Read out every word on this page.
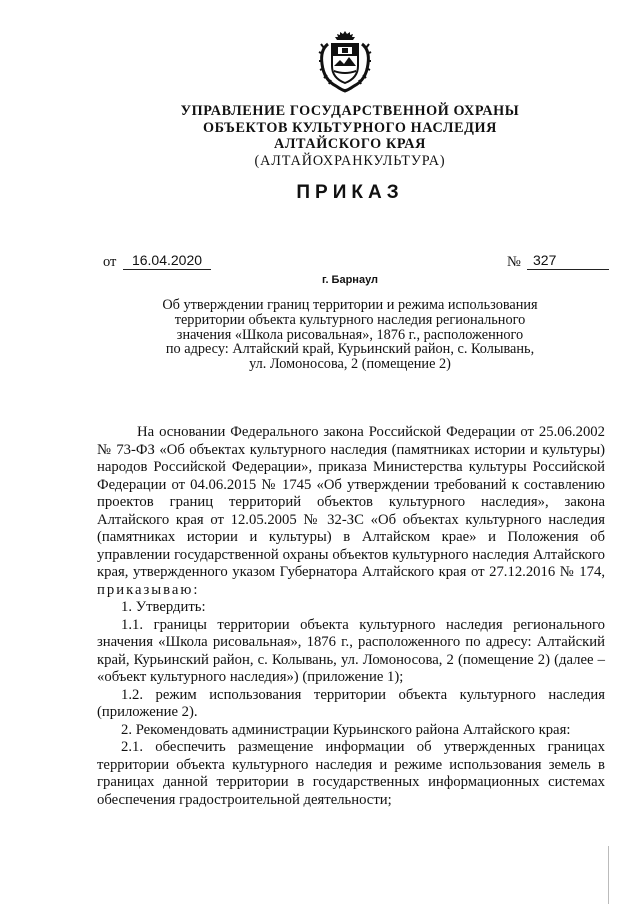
УПРАВЛЕНИЕ ГОСУДАРСТВЕННОЙ ОХРАНЫ
ОБЪЕКТОВ КУЛЬТУРНОГО НАСЛЕДИЯ
АЛТАЙСКОГО КРАЯ
(АЛТАЙОХРАНКУЛЬТУРА)
ПРИКАЗ
от	16.04.2020	№ 327
г. Барнаул
Об утверждении границ территории и режима использования
территории объекта культурного наследия регионального
значения «Школа рисовальная», 1876 г., расположенного
по адресу: Алтайский край, Курьинский район, с. Колывань,
ул. Ломоносова, 2 (помещение 2)

На основании Федерального закона Российской Федерации от 25.06.2002 № 73-ФЗ «Об объектах культурного наследия (памятниках истории и культуры) народов Российской Федерации», приказа Министерства культуры Российской Федерации от 04.06.2015 № 1745 «Об утверждении требований к составлению проектов границ территорий объектов культурного наследия», закона Алтайского края от 12.05.2005 № 32-ЗС «Об объектах культурного наследия (памятниках истории и культуры) в Алтайском крае» и Положения об управлении государственной охраны объектов культурного наследия Алтайского края, утвержденного указом Губернатора Алтайского края от 27.12.2016 № 174, приказываю:

1. Утвердить:

1.1. границы территории объекта культурного наследия регионального значения «Школа рисовальная», 1876 г., расположенного по адресу: Алтайский край, Курьинский район, с. Колывань, ул. Ломоносова, 2 (помещение 2) (далее – «объект культурного наследия») (приложение 1);

1.2. режим использования территории объекта культурного наследия (приложение 2).

2. Рекомендовать администрации Курьинского района Алтайского края:

2.1. обеспечить размещение информации об утвержденных границах территории объекта культурного наследия и режиме использования земель в границах данной территории в государственных информационных системах обеспечения градостроительной деятельности;
